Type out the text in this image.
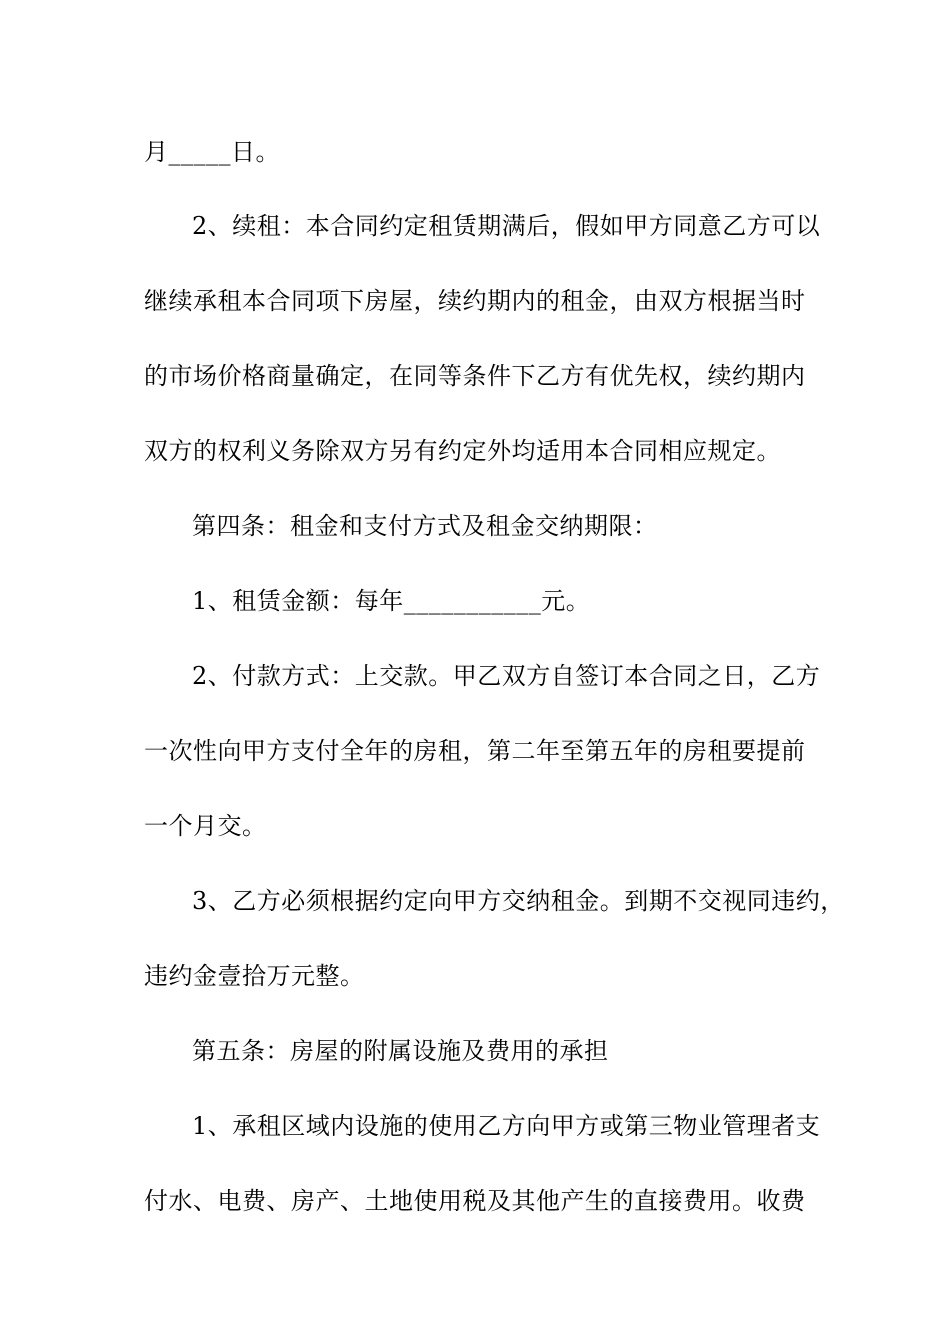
月_____日。
2、续租：本合同约定租赁期满后，假如甲方同意乙方可以
继续承租本合同项下房屋，续约期内的租金，由双方根据当时
的市场价格商量确定，在同等条件下乙方有优先权，续约期内
双方的权利义务除双方另有约定外均适用本合同相应规定。
第四条：租金和支付方式及租金交纳期限：
1、租赁金额：每年___________元。
2、付款方式：上交款。甲乙双方自签订本合同之日，乙方
一次性向甲方支付全年的房租，第二年至第五年的房租要提前
一个月交。
3、乙方必须根据约定向甲方交纳租金。到期不交视同违约，
违约金壹拾万元整。
第五条：房屋的附属设施及费用的承担
1、承租区域内设施的使用乙方向甲方或第三物业管理者支
付水、电费、房产、土地使用税及其他产生的直接费用。收费
